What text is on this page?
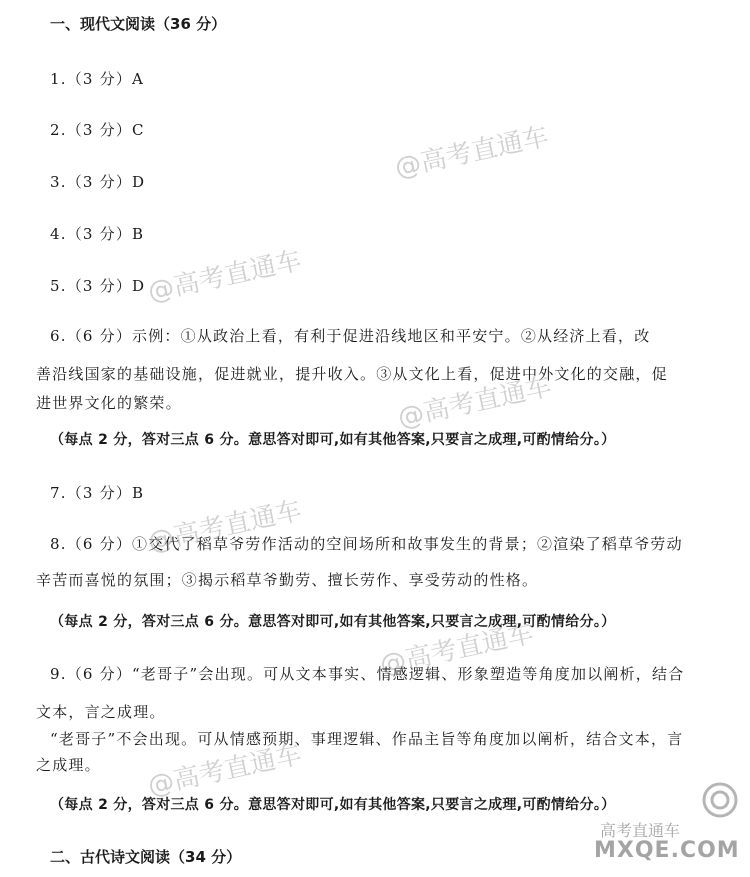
一、现代文阅读（36 分）
1.（3 分）A
2.（3 分）C
3.（3 分）D
4.（3 分）B
5.（3 分）D
6.（6 分）示例：①从政治上看，有利于促进沿线地区和平安宁。②从经济上看，改
善沿线国家的基础设施，促进就业，提升收入。③从文化上看，促进中外文化的交融，促
进世界文化的繁荣。
（每点 2 分，答对三点 6 分。意思答对即可,如有其他答案,只要言之成理,可酌情给分。）
7.（3 分）B
8.（6 分）①交代了稻草爷劳作活动的空间场所和故事发生的背景；②渲染了稻草爷劳动
辛苦而喜悦的氛围；③揭示稻草爷勤劳、擅长劳作、享受劳动的性格。
（每点 2 分，答对三点 6 分。意思答对即可,如有其他答案,只要言之成理,可酌情给分。）
9.（6 分）“老哥子”会出现。可从文本事实、情感逻辑、形象塑造等角度加以阐析，结合
文本，言之成理。
“老哥子”不会出现。可从情感预期、事理逻辑、作品主旨等角度加以阐析，结合文本，言
之成理。
（每点 2 分，答对三点 6 分。意思答对即可,如有其他答案,只要言之成理,可酌情给分。）
二、古代诗文阅读（34 分）
@高考直通车
@高考直通车
@高考直通车
@高考直通车
@高考直通车
@高考直通车
高考直通车
MXQE.COM
